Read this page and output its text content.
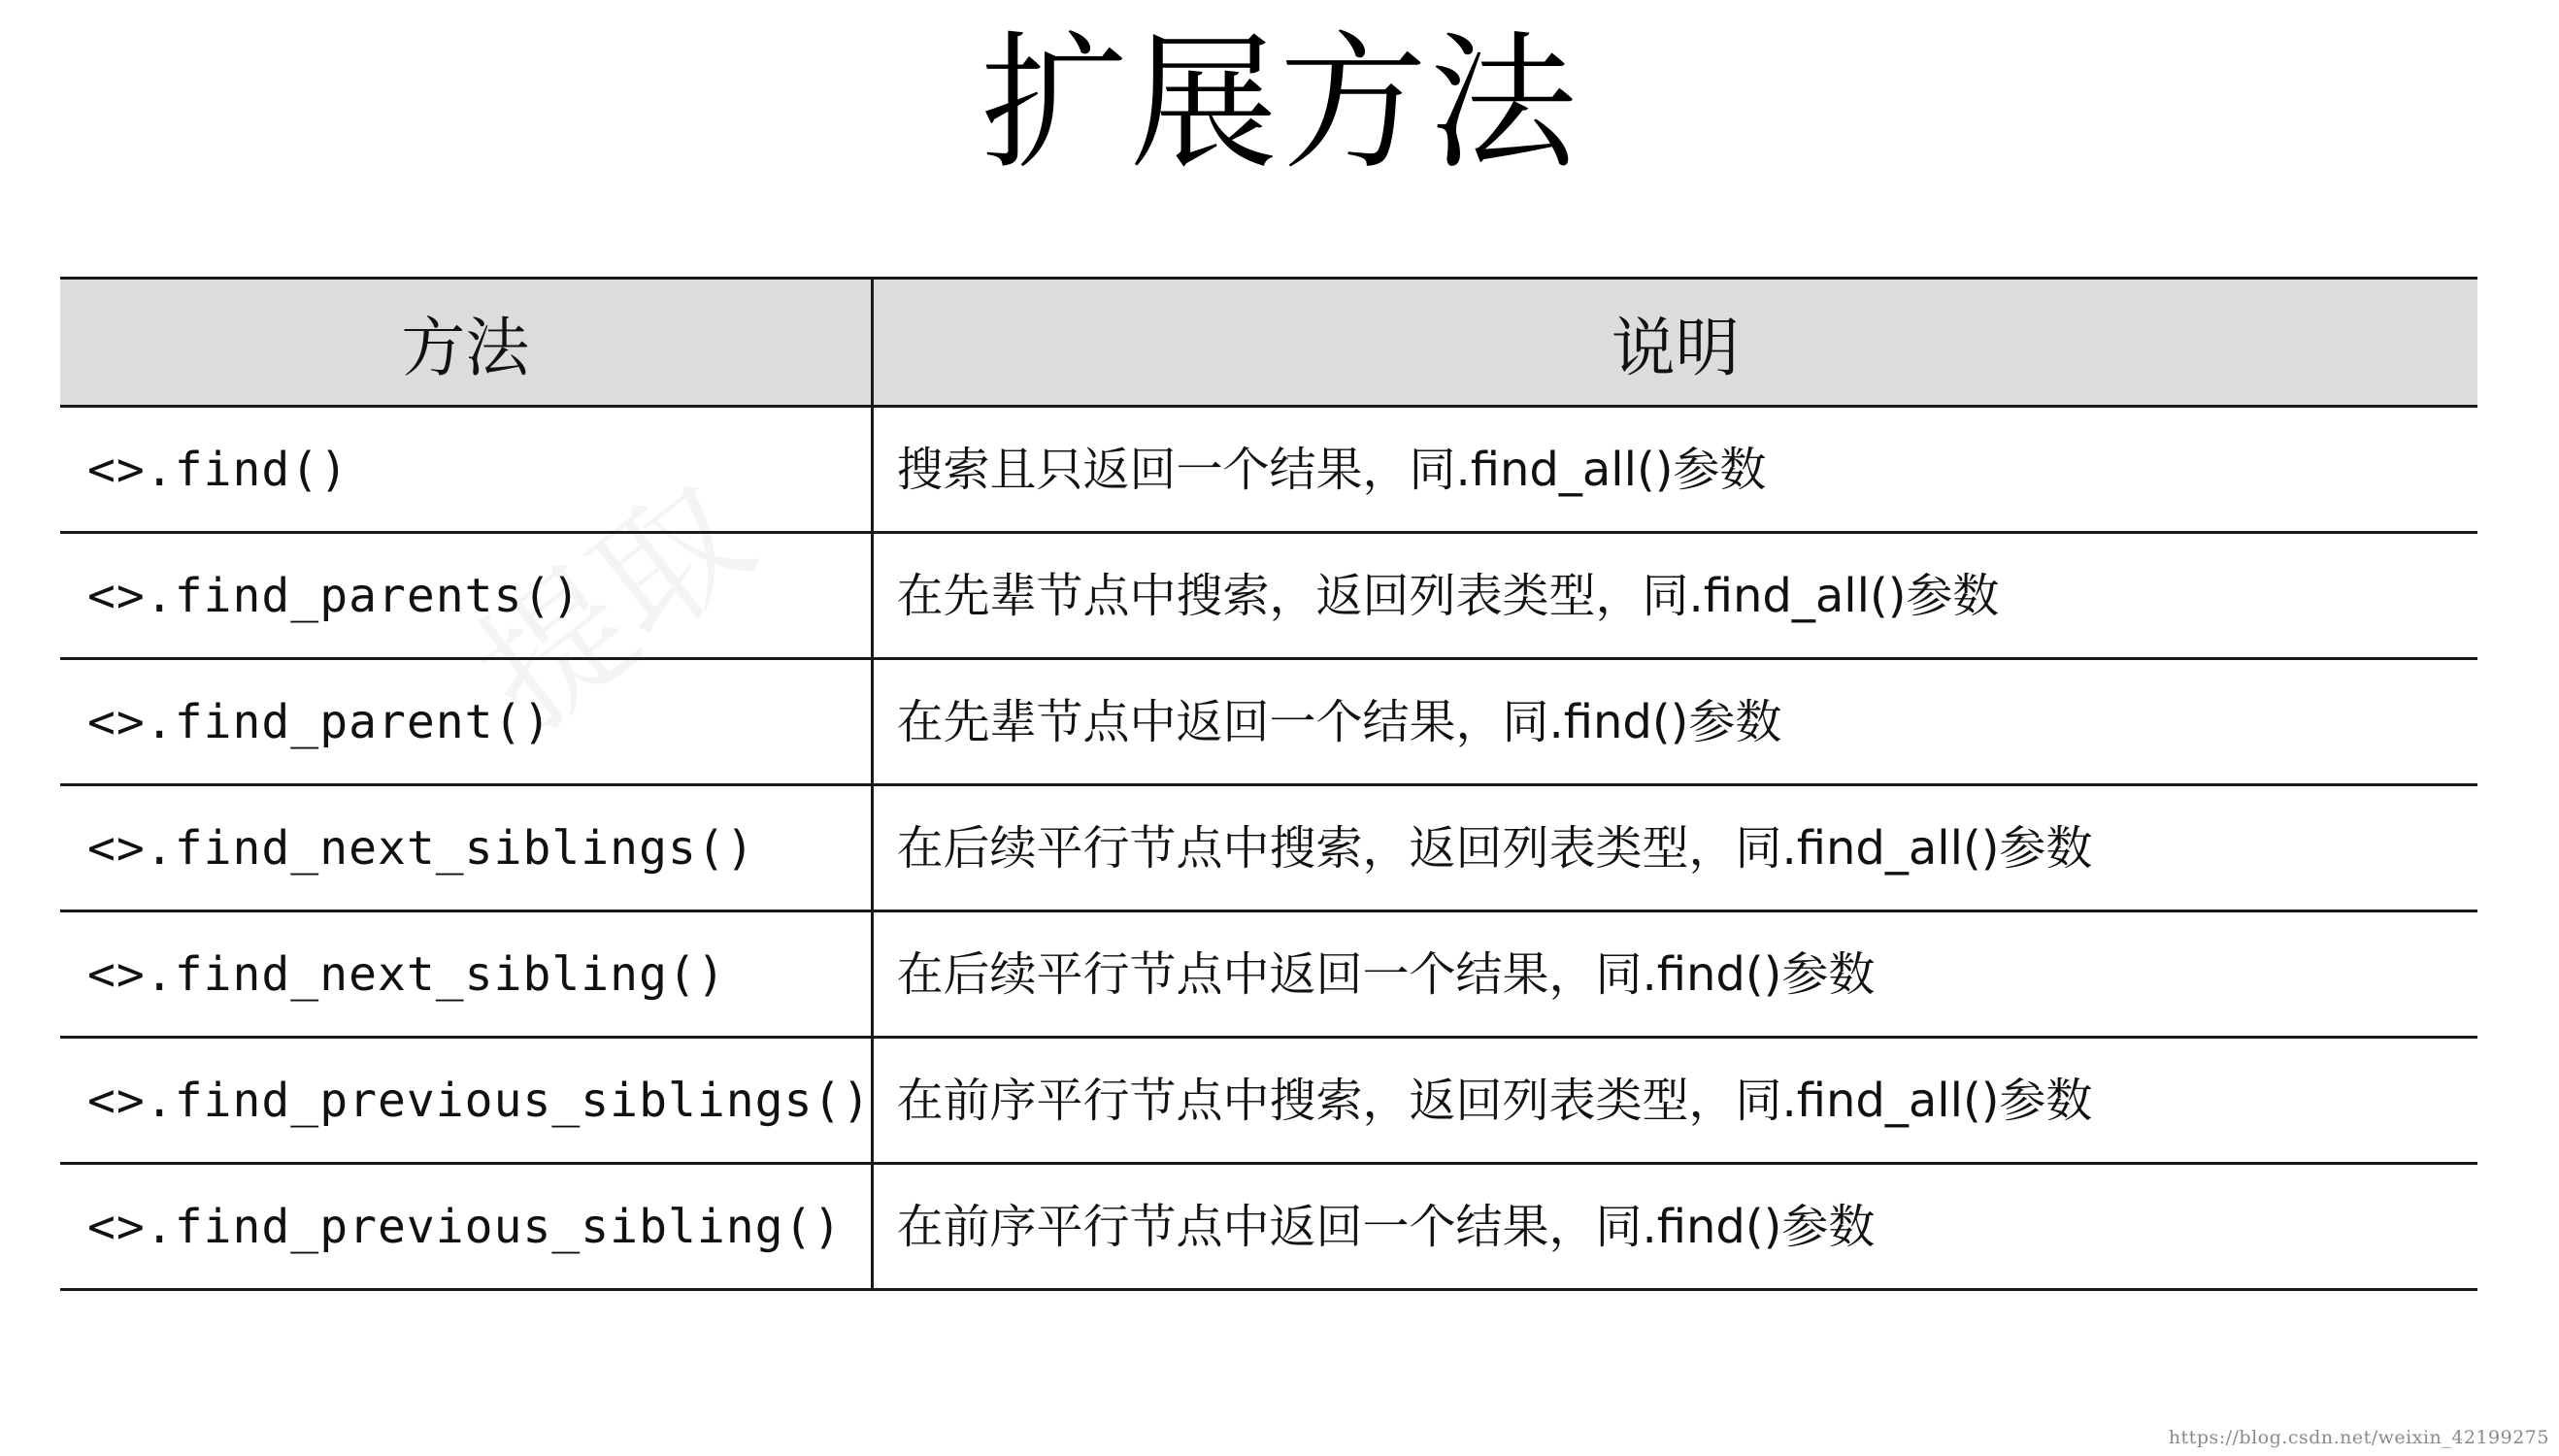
扩展方法
方法	说明
<>.find()	搜索且只返回一个结果，同.find_all()参数
<>.find_parents()	在先辈节点中搜索，返回列表类型，同.find_all()参数
<>.find_parent()	在先辈节点中返回一个结果，同.find()参数
<>.find_next_siblings()	在后续平行节点中搜索，返回列表类型，同.find_all()参数
<>.find_next_sibling()	在后续平行节点中返回一个结果，同.find()参数
<>.find_previous_siblings()	在前序平行节点中搜索，返回列表类型，同.find_all()参数
<>.find_previous_sibling()	在前序平行节点中返回一个结果，同.find()参数
https://blog.csdn.net/weixin_42199275
